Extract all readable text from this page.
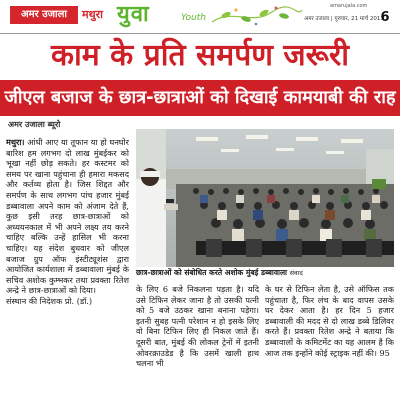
अमर उजाला	मथुरा युवा	Youth
amarujala.com
अमर उजाला | गुरुवार, 21 मार्च 2013
6
काम के प्रति समर्पण जरूरी
जीएल बजाज के छात्र-छात्राओं को दिखाई कामयाबी की राह
अमर उजाला ब्यूरो

मथुरा। आंधी आए या तूफान या हो घनघोर बारिश हम लगभग दो लाख मुंबईकर को भूखा नहीं छोड़ सकते। हर कस्टमर को समय पर खाना पहुंचाना ही हमारा मकसद और कर्तव्य होता है। जिस शिद्दत और समर्पण के साथ लगभग पांच हजार मुंबई डब्बावाला अपने काम को अंजाम देते हैं, कुछ इसी तरह छात्र-छात्राओं को अध्ययनकाल में भी अपने लक्ष्य तय करने चाहिए बल्कि उन्हें हासिल भी करना चाहिए। यह संदेश बुधवार को जीएल बजाज ग्रुप ऑफ इंस्टीट्यूशंस द्वारा आयोजित कार्यशाला में डब्बावाला मुंबई के सचिव अशोक कुम्भकर तथा प्रवक्ता रितेश अन्द्रे ने छात्र-छात्राओं को दिया।
संस्थान की निदेशक प्रो. (डॉ.)

छात्र-छात्राओं को संबोधित करते अशोक मुंबई डब्बावाला संवाद

के लिए 6 बजे निकलना पड़ता है। यदि उसे टिफिन लेकर जाना है तो उसकी पत्नी को 5 बजे उठकर खाना बनाना पड़ेगा। इतनी सुबह पत्नी परेशान न हो इसके लिए वो बिना टिफिन लिए ही निकल जाते हैं। दूसरी बात, मुंबई की लोकल ट्रेनों में इतनी ओवरक्राउडेड है कि उसमें खाली हाथ चलना भी

के घर से टिफिन लेता है, उसे ऑफिस तक पहुंचाता है, फिर लंच के बाद वापस उसके घर देकर आता है। हर दिन 5 हजार डब्बावाली की मदद से दो लाख डब्बे डिलिवर करते हैं। प्रवक्ता रितेश अन्द्रे ने बताया कि डब्बावालों के कमिटमेंट का यह आलम है कि आज तक इन्होंने कोई स्ट्राइक नहीं की। 95
